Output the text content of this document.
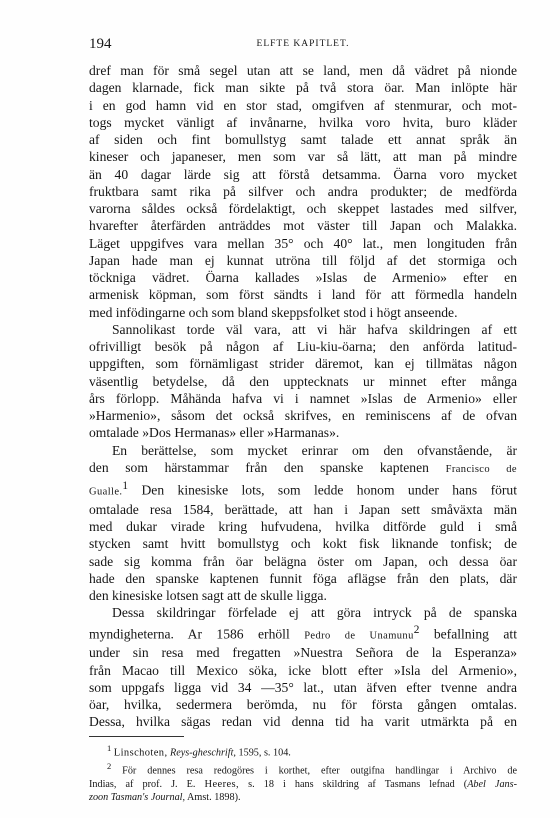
194	ELFTE KAPITLET.
dref man för små segel utan att se land, men då vädret på nionde
dagen klarnade, fick man sikte på två stora öar. Man inlöpte här
i en god hamn vid en stor stad, omgifven af stenmurar, och mot-
togs mycket vänligt af invånarne, hvilka voro hvita, buro kläder
af siden och fint bomullstyg samt talade ett annat språk än
kineser och japaneser, men som var så lätt, att man på mindre
än 40 dagar lärde sig att förstå detsamma. Öarna voro mycket
fruktbara samt rika på silfver och andra produkter; de medförda
varorna såldes också fördelaktigt, och skeppet lastades med silfver,
hvarefter återfärden anträddes mot väster till Japan och Malakka.
Läget uppgifves vara mellan 35° och 40° lat., men longituden från
Japan hade man ej kunnat utröna till följd af det stormiga och
töckniga vädret. Öarna kallades »Islas de Armenio» efter en
armenisk köpman, som först sändts i land för att förmedla handeln
med infödingarne och som bland skeppsfolket stod i högt anseende.
Sannolikast torde väl vara, att vi här hafva skildringen af ett
ofrivilligt besök på någon af Liu-kiu-öarna; den anförda latitud-
uppgiften, som förnämligast strider däremot, kan ej tillmätas någon
väsentlig betydelse, då den upptecknats ur minnet efter många
års förlopp. Måhända hafva vi i namnet »Islas de Armenio» eller
»Harmenio», såsom det också skrifves, en reminiscens af de ofvan
omtalade »Dos Hermanas» eller »Harmanas».
En berättelse, som mycket erinrar om den ofvanstående, är
den som härstammar från den spanske kaptenen Francisco de
Gualle.$^1$ Den kinesiske lots, som ledde honom under hans förut
omtalade resa 1584, berättade, att han i Japan sett småväxta män
med dukar virade kring hufvudena, hvilka ditförde guld i små
stycken samt hvitt bomullstyg och kokt fisk liknande tonfisk; de
sade sig komma från öar belägna öster om Japan, och dessa öar
hade den spanske kaptenen funnit föga aflägse från den plats, där
den kinesiske lotsen sagt att de skulle ligga.
Dessa skildringar förfelade ej att göra intryck på de spanska
myndigheterna. Ar 1586 erhöll Pedro de Unamunu$^2$ befallning att
under sin resa med fregatten »Nuestra Señora de la Esperanza»
från Macao till Mexico söka, icke blott efter »Isla del Armenio»,
som uppgafs ligga vid 34 —35° lat., utan äfven efter tvenne andra
öar, hvilka, sedermera berömda, nu för första gången omtalas.
Dessa, hvilka sägas redan vid denna tid ha varit utmärkta på en
$^1$ Linschoten, Reys-gheschrift, 1595, s. 104.
$^2$ För dennes resa redogöres i korthet, efter outgifna handlingar i Archivo de
Indias, af prof. J. E. Heeres, s. 18 i hans skildring af Tasmans lefnad (Abel Jans-
zoon Tasman's Journal, Amst. 1898).
